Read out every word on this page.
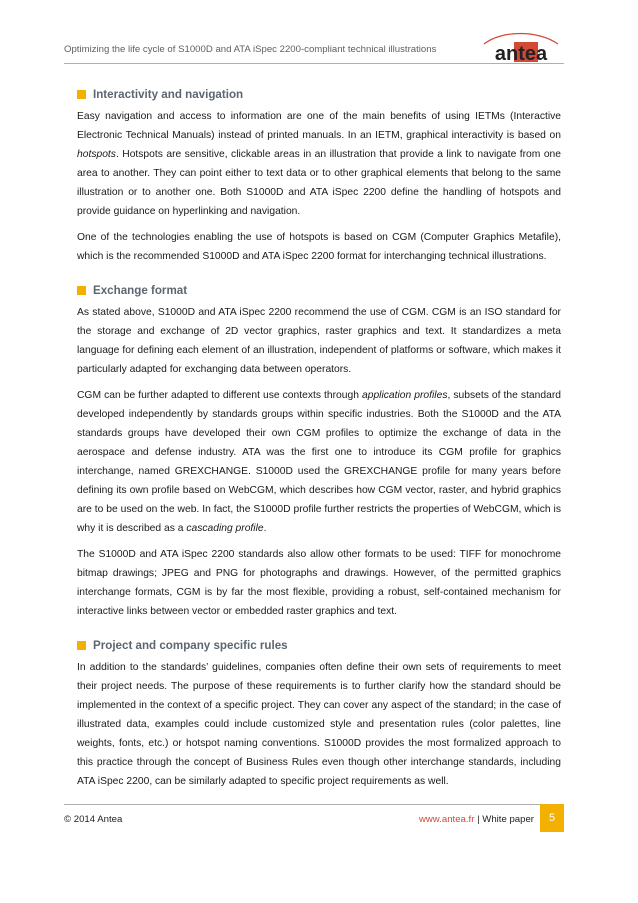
Optimizing the life cycle of S1000D and ATA iSpec 2200-compliant technical illustrations	antea
Interactivity and navigation

Easy navigation and access to information are one of the main benefits of using IETMs (Interactive Electronic Technical Manuals) instead of printed manuals. In an IETM, graphical interactivity is based on hotspots. Hotspots are sensitive, clickable areas in an illustration that provide a link to navigate from one area to another. They can point either to text data or to other graphical elements that belong to the same illustration or to another one. Both S1000D and ATA iSpec 2200 define the handling of hotspots and provide guidance on hyperlinking and navigation.

One of the technologies enabling the use of hotspots is based on CGM (Computer Graphics Metafile), which is the recommended S1000D and ATA iSpec 2200 format for interchanging technical illustrations.

Exchange format

As stated above, S1000D and ATA iSpec 2200 recommend the use of CGM. CGM is an ISO standard for the storage and exchange of 2D vector graphics, raster graphics and text. It standardizes a meta language for defining each element of an illustration, independent of platforms or software, which makes it particularly adapted for exchanging data between operators.

CGM can be further adapted to different use contexts through application profiles, subsets of the standard developed independently by standards groups within specific industries. Both the S1000D and the ATA standards groups have developed their own CGM profiles to optimize the exchange of data in the aerospace and defense industry. ATA was the first one to introduce its CGM profile for graphics interchange, named GREXCHANGE. S1000D used the GREXCHANGE profile for many years before defining its own profile based on WebCGM, which describes how CGM vector, raster, and hybrid graphics are to be used on the web. In fact, the S1000D profile further restricts the properties of WebCGM, which is why it is described as a cascading profile.

The S1000D and ATA iSpec 2200 standards also allow other formats to be used: TIFF for monochrome bitmap drawings; JPEG and PNG for photographs and drawings. However, of the permitted graphics interchange formats, CGM is by far the most flexible, providing a robust, self-contained mechanism for interactive links between vector or embedded raster graphics and text.

Project and company specific rules

In addition to the standards’ guidelines, companies often define their own sets of requirements to meet their project needs. The purpose of these requirements is to further clarify how the standard should be implemented in the context of a specific project. They can cover any aspect of the standard; in the case of illustrated data, examples could include customized style and presentation rules (color palettes, line weights, fonts, etc.) or hotspot naming conventions. S1000D provides the most formalized approach to this practice through the concept of Business Rules even though other interchange standards, including ATA iSpec 2200, can be similarly adapted to specific project requirements as well.

© 2014 Antea	www.antea.fr | White paper	5
